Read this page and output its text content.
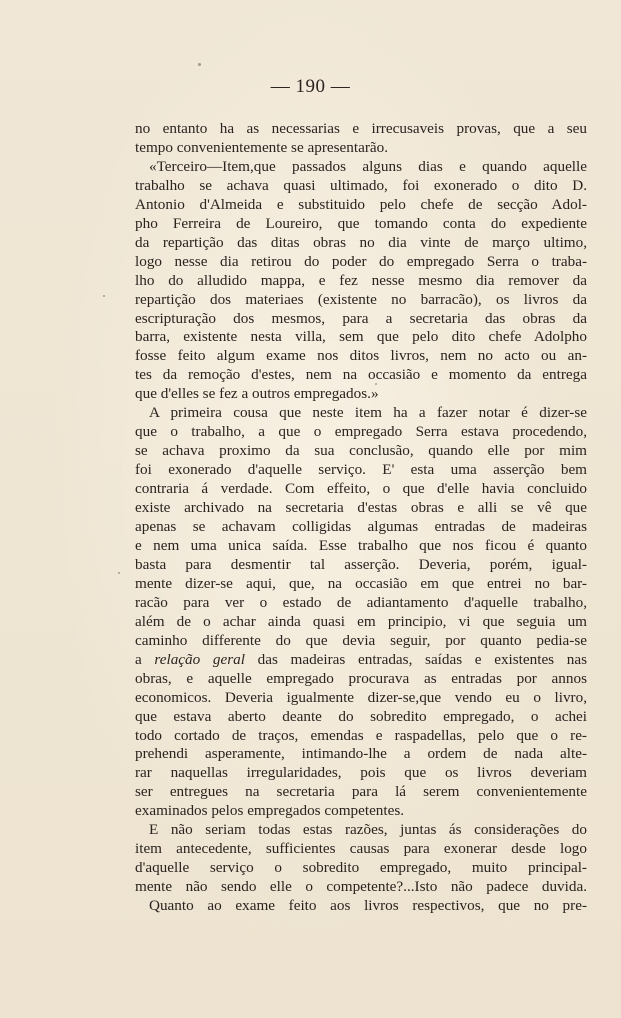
— 190 —
no entanto ha as necessarias e irrecusaveis provas, que a seu
tempo convenientemente se apresentarão.
«Terceiro—Item,que passados alguns dias e quando aquelle
trabalho se achava quasi ultimado, foi exonerado o dito D.
Antonio d'Almeida e substituido pelo chefe de secção Adol-
pho Ferreira de Loureiro, que tomando conta do expediente
da repartição das ditas obras no dia vinte de março ultimo,
logo nesse dia retirou do poder do empregado Serra o traba-
lho do alludido mappa, e fez nesse mesmo dia remover da
repartição dos materiaes (existente no barracão), os livros da
escripturação dos mesmos, para a secretaria das obras da
barra, existente nesta villa, sem que pelo dito chefe Adolpho
fosse feito algum exame nos ditos livros, nem no acto ou an-
tes da remoção d'estes, nem na occasião e momento da entrega
que d'elles se fez a outros empregados.»
A primeira cousa que neste item ha a fazer notar é dizer-se
que o trabalho, a que o empregado Serra estava procedendo,
se achava proximo da sua conclusão, quando elle por mim
foi exonerado d'aquelle serviço. E' esta uma asserção bem
contraria á verdade. Com effeito, o que d'elle havia concluido
existe archivado na secretaria d'estas obras e alli se vê que
apenas se achavam colligidas algumas entradas de madeiras
e nem uma unica saída. Esse trabalho que nos ficou é quanto
basta para desmentir tal asserção. Deveria, porém, igual-
mente dizer-se aqui, que, na occasião em que entrei no bar-
racão para ver o estado de adiantamento d'aquelle trabalho,
além de o achar ainda quasi em principio, vi que seguia um
caminho differente do que devia seguir, por quanto pedia-se
a relação geral das madeiras entradas, saídas e existentes nas
obras, e aquelle empregado procurava as entradas por annos
economicos. Deveria igualmente dizer-se,que vendo eu o livro,
que estava aberto deante do sobredito empregado, o achei
todo cortado de traços, emendas e raspadellas, pelo que o re-
prehendi asperamente, intimando-lhe a ordem de nada alte-
rar naquellas irregularidades, pois que os livros deveriam
ser entregues na secretaria para lá serem convenientemente
examinados pelos empregados competentes.
E não seriam todas estas razões, juntas ás considerações do
item antecedente, sufficientes causas para exonerar desde logo
d'aquelle serviço o sobredito empregado, muito principal-
mente não sendo elle o competente?...Isto não padece duvida.
Quanto ao exame feito aos livros respectivos, que no pre-
